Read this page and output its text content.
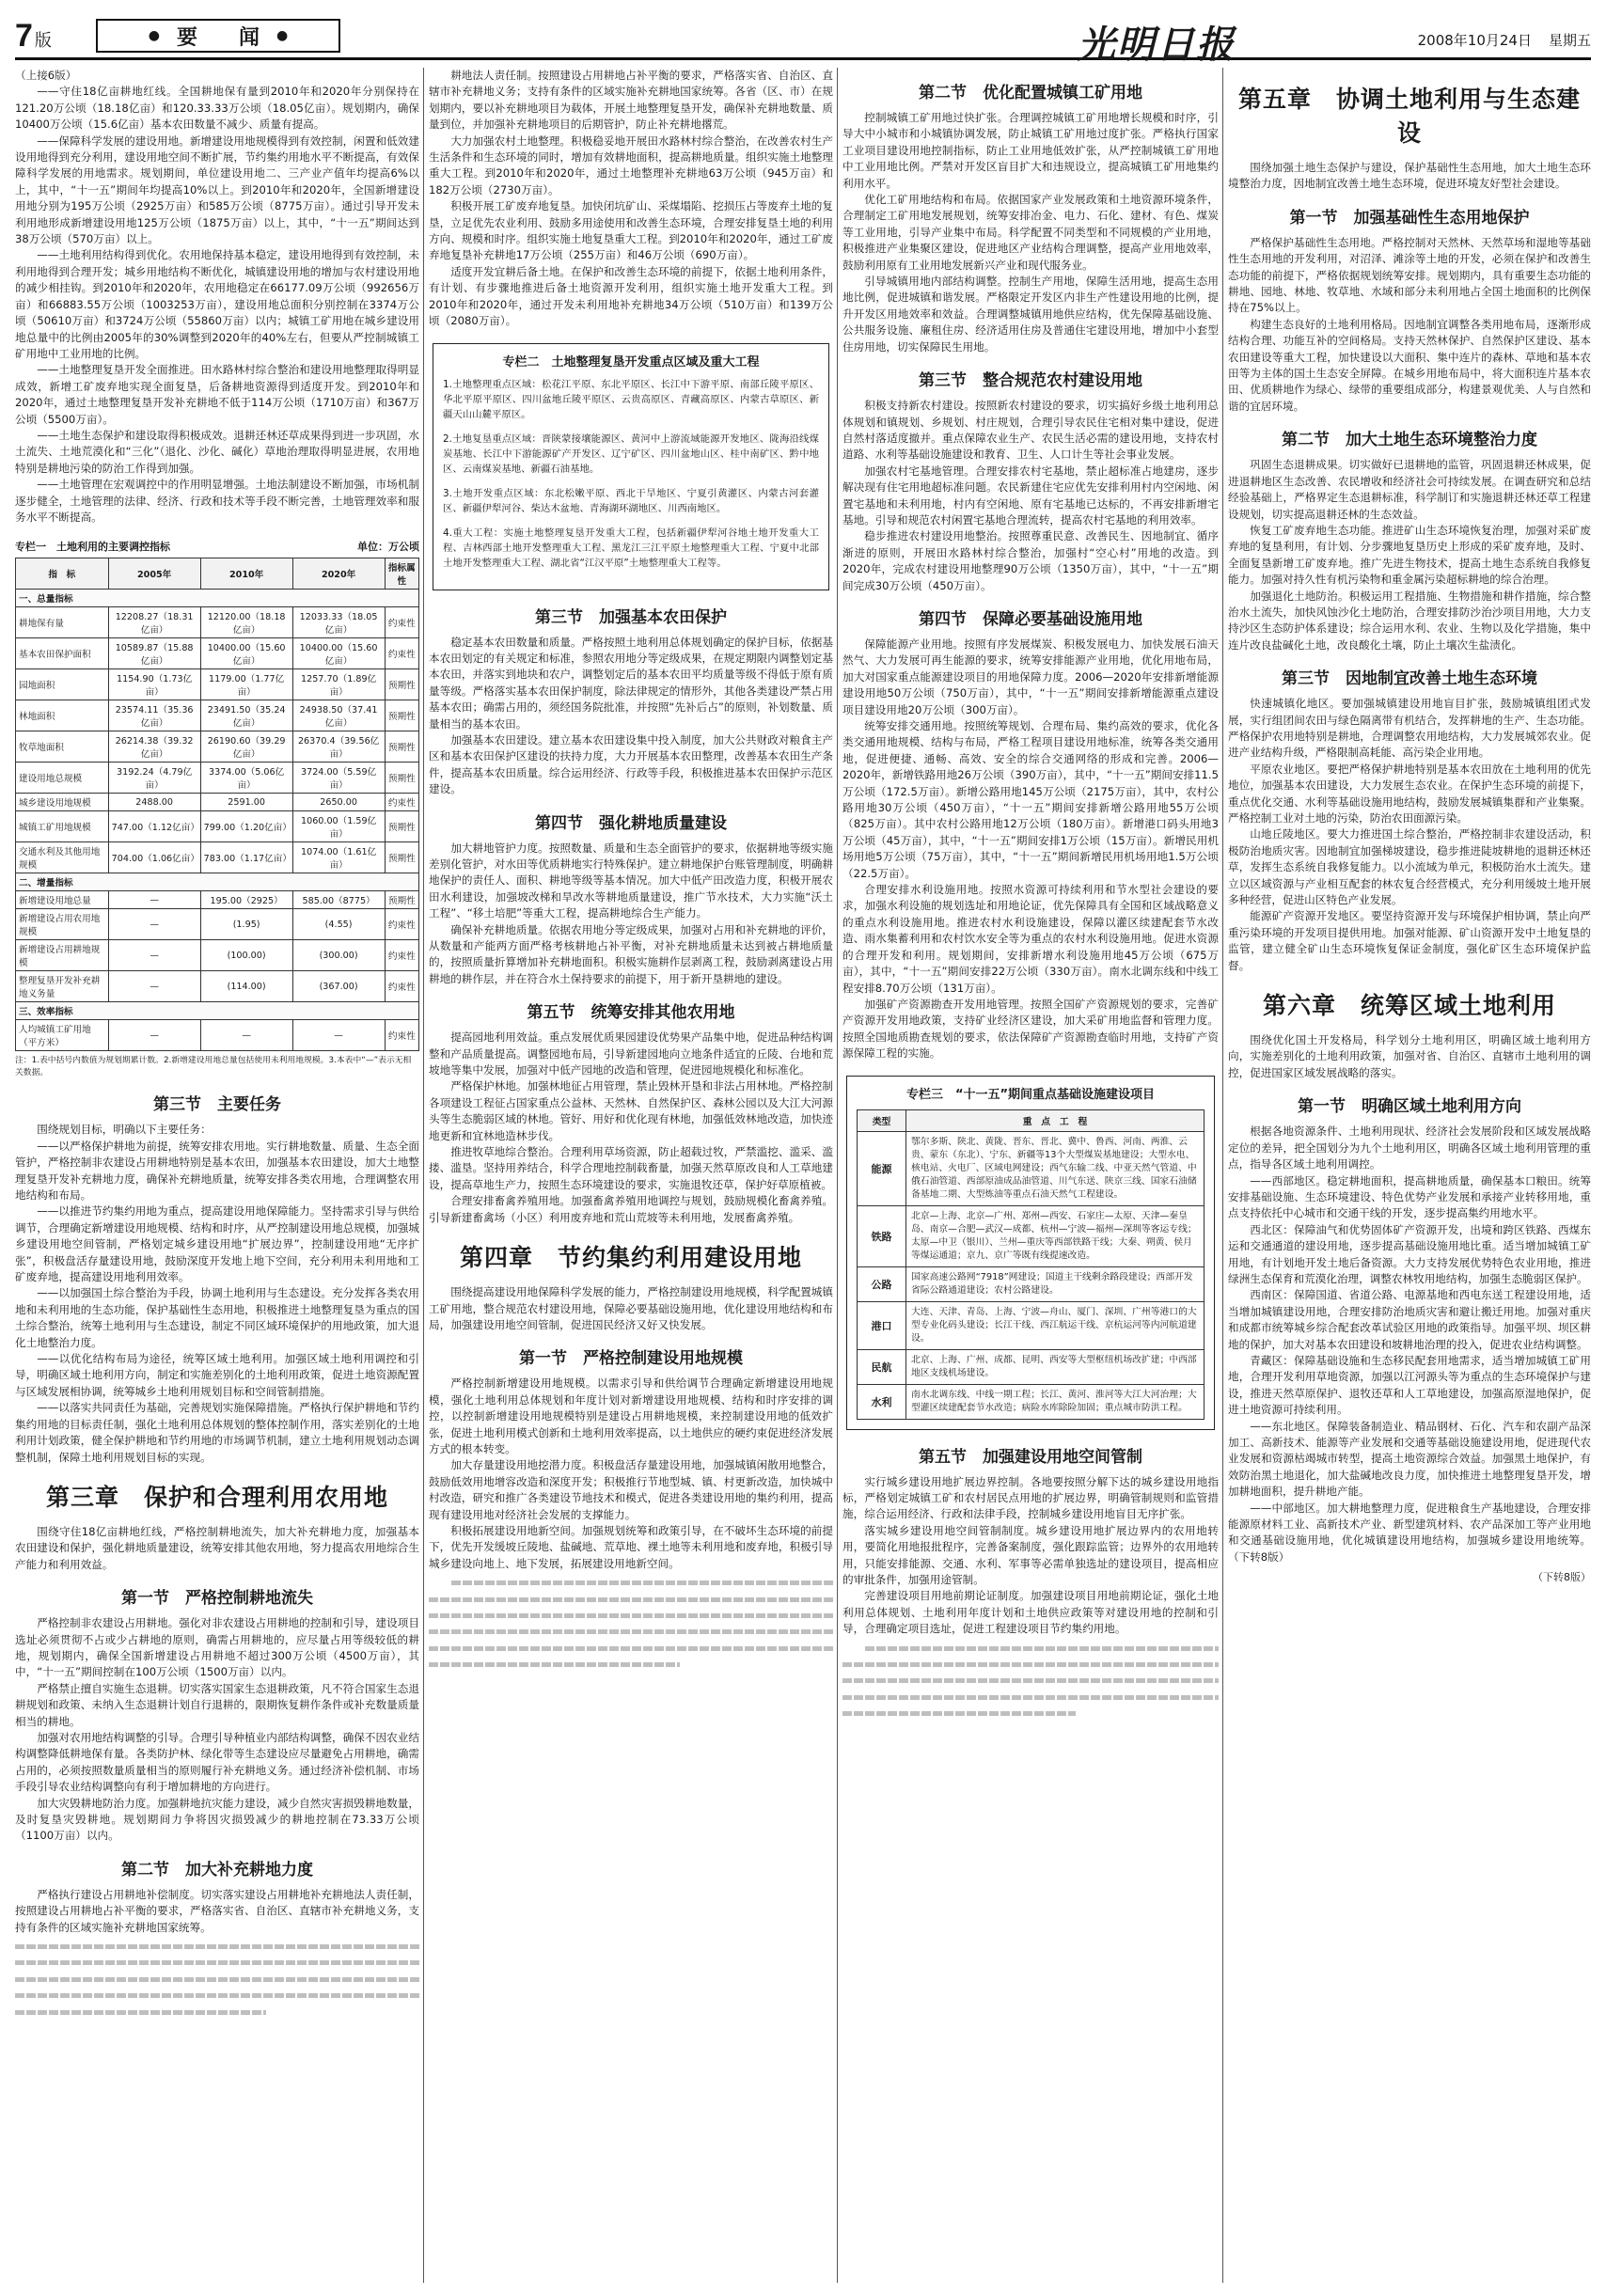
7 版	● 要　　闻 ●	光明日报	2008年10月24日 星期五

（上接6版）

——守住18亿亩耕地红线。全国耕地保有量到2010年和2020年分别保持在121.20万公顷（18.18亿亩）和120.33.33万公顷（18.05亿亩）。规划期内，确保10400万公顷（15.6亿亩）基本农田数量不减少、质量有提高。

——保障科学发展的建设用地。新增建设用地规模得到有效控制，闲置和低效建设用地得到充分利用，建设用地空间不断扩展，节约集约用地水平不断提高，有效保障科学发展的用地需求。规划期间，单位建设用地二、三产业产值年均提高6%以上，其中，“十一五”期间年均提高10%以上。到2010年和2020年，全国新增建设用地分别为195万公顷（2925万亩）和585万公顷（8775万亩）。通过引导开发未利用地形成新增建设用地125万公顷（1875万亩）以上，其中，“十一五”期间达到38万公顷（570万亩）以上。

——土地利用结构得到优化。农用地保持基本稳定，建设用地得到有效控制，未利用地得到合理开发；城乡用地结构不断优化，城镇建设用地的增加与农村建设用地的减少相挂钩。到2010年和2020年，农用地稳定在66177.09万公顷（992656万亩）和66883.55万公顷（1003253万亩），建设用地总面积分别控制在3374万公顷（50610万亩）和3724万公顷（55860万亩）以内；城镇工矿用地在城乡建设用地总量中的比例由2005年的30%调整到2020年的40%左右，但要从严控制城镇工矿用地中工业用地的比例。

——土地整理复垦开发全面推进。田水路林村综合整治和建设用地整理取得明显成效，新增工矿废弃地实现全面复垦，后备耕地资源得到适度开发。到2010年和2020年，通过土地整理复垦开发补充耕地不低于114万公顷（1710万亩）和367万公顷（5500万亩）。

——土地生态保护和建设取得积极成效。退耕还林还草成果得到进一步巩固，水土流失、土地荒漠化和“三化”（退化、沙化、碱化）草地治理取得明显进展，农用地特别是耕地污染的防治工作得到加强。

——土地管理在宏观调控中的作用明显增强。土地法制建设不断加强，市场机制逐步健全，土地管理的法律、经济、行政和技术等手段不断完善，土地管理效率和服务水平不断提高。

专栏一　土地利用的主要调控指标	单位：万公顷
指　标	2005年	2010年	2020年	指标属性
一、总量指标				
耕地保有量	12208.27（18.31亿亩）	12120.00（18.18亿亩）	12033.33（18.05亿亩）	约束性
基本农田保护面积	10589.87（15.88亿亩）	10400.00（15.60亿亩）	10400.00（15.60亿亩）	约束性
园地面积	1154.90（1.73亿亩）	1179.00（1.77亿亩）	1257.70（1.89亿亩）	预期性
林地面积	23574.11（35.36亿亩）	23491.50（35.24亿亩）	24938.50（37.41亿亩）	预期性
牧草地面积	26214.38（39.32亿亩）	26190.60（39.29亿亩）	26370.4（39.56亿亩）	预期性
建设用地总规模	3192.24（4.79亿亩）	3374.00（5.06亿亩）	3724.00（5.59亿亩）	预期性
城乡建设用地规模	2488.00	2591.00	2650.00	约束性
城镇工矿用地规模	747.00（1.12亿亩）	799.00（1.20亿亩）	1060.00（1.59亿亩）	预期性
交通水利及其他用地规模	704.00（1.06亿亩）	783.00（1.17亿亩）	1074.00（1.61亿亩）	预期性
二、增量指标				
新增建设用地总量	—	195.00（2925）	585.00（8775）	预期性
新增建设占用农用地规模	—	(1.95)	(4.55)	约束性
新增建设占用耕地规模	—	(100.00)	(300.00)	约束性
整理复垦开发补充耕地义务量	—	(114.00)	(367.00)	约束性
三、效率指标				
人均城镇工矿用地（平方米）	—	—	—	约束性
注：1.表中括号内数值为规划期累计数。2.新增建设用地总量包括使用未利用地规模。3.本表中“—”表示无相关数据。
第三节　主要任务

围绕规划目标，明确以下主要任务：

——以严格保护耕地为前提，统筹安排农用地。实行耕地数量、质量、生态全面管护，严格控制非农建设占用耕地特别是基本农田，加强基本农田建设，加大土地整理复垦开发补充耕地力度，确保补充耕地质量，统筹安排各类农用地，合理调整农用地结构和布局。

——以推进节约集约用地为重点，提高建设用地保障能力。坚持需求引导与供给调节，合理确定新增建设用地规模、结构和时序，从严控制建设用地总规模，加强城乡建设用地空间管制，严格划定城乡建设用地“扩展边界”，控制建设用地“无序扩张”，积极盘活存量建设用地，鼓励深度开发地上地下空间，充分利用未利用地和工矿废弃地，提高建设用地利用效率。

——以加强国土综合整治为手段，协调土地利用与生态建设。充分发挥各类农用地和未利用地的生态功能，保护基础性生态用地，积极推进土地整理复垦为重点的国土综合整治，统筹土地利用与生态建设，制定不同区域环境保护的用地政策，加大退化土地整治力度。

——以优化结构布局为途径，统筹区域土地利用。加强区域土地利用调控和引导，明确区域土地利用方向，制定和实施差别化的土地利用政策，促进土地资源配置与区域发展相协调，统筹城乡土地利用规划目标和空间管制措施。

——以落实共同责任为基础，完善规划实施保障措施。严格执行保护耕地和节约集约用地的目标责任制，强化土地利用总体规划的整体控制作用，落实差别化的土地利用计划政策，健全保护耕地和节约用地的市场调节机制，建立土地利用规划动态调整机制，保障土地利用规划目标的实现。

第三章　保护和合理利用农用地

围绕守住18亿亩耕地红线，严格控制耕地流失，加大补充耕地力度，加强基本农田建设和保护，强化耕地质量建设，统筹安排其他农用地，努力提高农用地综合生产能力和利用效益。

第一节　严格控制耕地流失

严格控制非农建设占用耕地。强化对非农建设占用耕地的控制和引导，建设项目选址必须贯彻不占或少占耕地的原则，确需占用耕地的，应尽量占用等级较低的耕地，规划期内，确保全国新增建设占用耕地不超过300万公顷（4500万亩），其中，“十一五”期间控制在100万公顷（1500万亩）以内。

严格禁止擅自实施生态退耕。切实落实国家生态退耕政策，凡不符合国家生态退耕规划和政策、未纳入生态退耕计划自行退耕的，限期恢复耕作条件或补充数量质量相当的耕地。

加强对农用地结构调整的引导。合理引导种植业内部结构调整，确保不因农业结构调整降低耕地保有量。各类防护林、绿化带等生态建设应尽量避免占用耕地，确需占用的，必须按照数量质量相当的原则履行补充耕地义务。通过经济补偿机制、市场手段引导农业结构调整向有利于增加耕地的方向进行。

加大灾毁耕地防治力度。加强耕地抗灾能力建设，减少自然灾害损毁耕地数量，及时复垦灾毁耕地。规划期间力争将因灾损毁减少的耕地控制在73.33万公顷（1100万亩）以内。

第二节　加大补充耕地力度

严格执行建设占用耕地补偿制度。切实落实建设占用耕地补充耕地法人责任制，按照建设占用耕地占补平衡的要求，严格落实省、自治区、直辖市补充耕地义务，支持有条件的区域实施补充耕地国家统筹。

耕地法人责任制。按照建设占用耕地占补平衡的要求，严格落实省、自治区、直辖市补充耕地义务；支持有条件的区域实施补充耕地国家统筹。各省（区、市）在规划期内，要以补充耕地项目为载体，开展土地整理复垦开发，确保补充耕地数量、质量到位，并加强补充耕地项目的后期管护，防止补充耕地撂荒。

大力加强农村土地整理。积极稳妥地开展田水路林村综合整治，在改善农村生产生活条件和生态环境的同时，增加有效耕地面积，提高耕地质量。组织实施土地整理重大工程。到2010年和2020年，通过土地整理补充耕地63万公顷（945万亩）和182万公顷（2730万亩）。

积极开展工矿废弃地复垦。加快闭坑矿山、采煤塌陷、挖损压占等废弃土地的复垦，立足优先农业利用、鼓励多用途使用和改善生态环境，合理安排复垦土地的利用方向、规模和时序。组织实施土地复垦重大工程。到2010年和2020年，通过工矿废弃地复垦补充耕地17万公顷（255万亩）和46万公顷（690万亩）。

适度开发宜耕后备土地。在保护和改善生态环境的前提下，依据土地利用条件，有计划、有步骤地推进后备土地资源开发利用，组织实施土地开发重大工程。到2010年和2020年，通过开发未利用地补充耕地34万公顷（510万亩）和139万公顷（2080万亩）。

专栏二　土地整理复垦开发重点区域及重大工程
1.土地整理重点区域：松花江平原、东北平原区、长江中下游平原、南部丘陵平原区、华北平原平原区、四川盆地丘陵平原区、云贵高原区、青藏高原区、内蒙古草原区、新疆天山山麓平原区。
2.土地复垦重点区域：晋陕蒙接壤能源区、黄河中上游流域能源开发地区、陇海沿线煤炭基地、长江中下游能源矿产开发区、辽宁矿区、四川盆地山区、桂中南矿区、黔中地区、云南煤炭基地、新疆石油基地。
3.土地开发重点区域：东北松嫩平原、西北干旱地区、宁夏引黄灌区、内蒙古河套灌区、新疆伊犁河谷、柴达木盆地、青海湖环湖地区、川西南地区。
4.重大工程：实施土地整理复垦开发重大工程，包括新疆伊犁河谷地土地开发重大工程、吉林西部土地开发整理重大工程、黑龙江三江平原土地整理重大工程、宁夏中北部土地开发整理重大工程、湖北省“江汉平原”土地整理重大工程等。
第三节　加强基本农田保护

稳定基本农田数量和质量。严格按照土地利用总体规划确定的保护目标，依据基本农田划定的有关规定和标准，参照农用地分等定级成果，在规定期限内调整划定基本农田，并落实到地块和农户，调整划定后的基本农田平均质量等级不得低于原有质量等级。严格落实基本农田保护制度，除法律规定的情形外，其他各类建设严禁占用基本农田；确需占用的，须经国务院批准，并按照“先补后占”的原则，补划数量、质量相当的基本农田。

加强基本农田建设。建立基本农田建设集中投入制度，加大公共财政对粮食主产区和基本农田保护区建设的扶持力度，大力开展基本农田整理，改善基本农田生产条件，提高基本农田质量。综合运用经济、行政等手段，积极推进基本农田保护示范区建设。

第四节　强化耕地质量建设

加大耕地管护力度。按照数量、质量和生态全面管护的要求，依据耕地等级实施差别化管护，对水田等优质耕地实行特殊保护。建立耕地保护台账管理制度，明确耕地保护的责任人、面积、耕地等级等基本情况。加大中低产田改造力度，积极开展农田水利建设，加强坡改梯和旱改水等耕地质量建设，推广节水技术，大力实施“沃土工程”、“移土培肥”等重大工程，提高耕地综合生产能力。

确保补充耕地质量。依据农用地分等定级成果，加强对占用和补充耕地的评价，从数量和产能两方面严格考核耕地占补平衡，对补充耕地质量未达到被占耕地质量的，按照质量折算增加补充耕地面积。积极实施耕作层剥离工程，鼓励剥离建设占用耕地的耕作层，并在符合水土保持要求的前提下，用于新开垦耕地的建设。

第五节　统筹安排其他农用地

提高园地利用效益。重点发展优质果园建设优势果产品集中地，促进品种结构调整和产品质量提高。调整园地布局，引导新建园地向立地条件适宜的丘陵、台地和荒坡地等集中发展，加强对中低产园地的改造和管理，促进园地规模化和标准化。

严格保护林地。加强林地征占用管理，禁止毁林开垦和非法占用林地。严格控制各项建设工程征占国家重点公益林、天然林、自然保护区、森林公园以及大江大河源头等生态脆弱区域的林地。管好、用好和优化现有林地，加强低效林地改造，加快迹地更新和宜林地造林步伐。

推进牧草地综合整治。合理利用草场资源，防止超载过牧，严禁滥挖、滥采、滥搂、滥垦。坚持用养结合，科学合理地控制载畜量，加强天然草原改良和人工草地建设，提高草地生产力，按照生态环境建设的要求，实施退牧还草，保护好草原植被。

合理安排畜禽养殖用地。加强畜禽养殖用地调控与规划，鼓励规模化畜禽养殖。引导新建畜禽场（小区）利用废弃地和荒山荒坡等未利用地，发展畜禽养殖。

第四章　节约集约利用建设用地

围绕提高建设用地保障科学发展的能力，严格控制建设用地规模，科学配置城镇工矿用地，整合规范农村建设用地，保障必要基础设施用地，优化建设用地结构和布局，加强建设用地空间管制，促进国民经济又好又快发展。

第一节　严格控制建设用地规模

严格控制新增建设用地规模。以需求引导和供给调节合理确定新增建设用地规模，强化土地利用总体规划和年度计划对新增建设用地规模、结构和时序安排的调控，以控制新增建设用地规模特别是建设占用耕地规模，来控制建设用地的低效扩张，促进土地利用模式创新和土地利用效率提高，以土地供应的硬约束促进经济发展方式的根本转变。

加大存量建设用地挖潜力度。积极盘活存量建设用地，加强城镇闲散用地整合，鼓励低效用地增容改造和深度开发；积极推行节地型城、镇、村更新改造，加快城中村改造，研究和推广各类建设节地技术和模式，促进各类建设用地的集约利用，提高现有建设用地对经济社会发展的支撑能力。

积极拓展建设用地新空间。加强规划统筹和政策引导，在不破坏生态环境的前提下，优先开发缓坡丘陵地、盐碱地、荒草地、裸土地等未利用地和废弃地，积极引导城乡建设向地上、地下发展，拓展建设用地新空间。

第二节　优化配置城镇工矿用地

控制城镇工矿用地过快扩张。合理调控城镇工矿用地增长规模和时序，引导大中小城市和小城镇协调发展，防止城镇工矿用地过度扩张。严格执行国家工业项目建设用地控制指标，防止工业用地低效扩张，从严控制城镇工矿用地中工业用地比例。严禁对开发区盲目扩大和违规设立，提高城镇工矿用地集约利用水平。

优化工矿用地结构和布局。依据国家产业发展政策和土地资源环境条件，合理制定工矿用地发展规划，统筹安排冶金、电力、石化、建材、有色、煤炭等工业用地，引导产业集中布局。科学配置不同类型和不同规模的产业用地，积极推进产业集聚区建设，促进地区产业结构合理调整，提高产业用地效率，鼓励利用原有工业用地发展新兴产业和现代服务业。

引导城镇用地内部结构调整。控制生产用地，保障生活用地，提高生态用地比例，促进城镇和谐发展。严格限定开发区内非生产性建设用地的比例，提升开发区用地效率和效益。合理调整城镇用地供应结构，优先保障基础设施、公共服务设施、廉租住房、经济适用住房及普通住宅建设用地，增加中小套型住房用地，切实保障民生用地。

第三节　整合规范农村建设用地

积极支持新农村建设。按照新农村建设的要求，切实搞好乡级土地利用总体规划和镇规划、乡规划、村庄规划，合理引导农民住宅相对集中建设，促进自然村落适度撤并。重点保障农业生产、农民生活必需的建设用地，支持农村道路、水利等基础设施建设和教育、卫生、人口计生等社会事业发展。

加强农村宅基地管理。合理安排农村宅基地，禁止超标准占地建房，逐步解决现有住宅用地超标准问题。农民新建住宅应优先安排利用村内空闲地、闲置宅基地和未利用地，村内有空闲地、原有宅基地已达标的，不再安排新增宅基地。引导和规范农村闲置宅基地合理流转，提高农村宅基地的利用效率。

稳步推进农村建设用地整治。按照尊重民意、改善民生、因地制宜、循序渐进的原则，开展田水路林村综合整治，加强村“空心村”用地的改造。到2020年，完成农村建设用地整理90万公顷（1350万亩），其中，“十一五”期间完成30万公顷（450万亩）。

第四节　保障必要基础设施用地

保障能源产业用地。按照有序发展煤炭、积极发展电力、加快发展石油天然气、大力发展可再生能源的要求，统筹安排能源产业用地，优化用地布局，加大对国家重点能源建设项目的用地保障力度。2006—2020年安排新增能源建设用地50万公顷（750万亩），其中，“十一五”期间安排新增能源重点建设项目建设用地20万公顷（300万亩）。

统筹安排交通用地。按照统筹规划、合理布局、集约高效的要求，优化各类交通用地规模、结构与布局，严格工程项目建设用地标准，统筹各类交通用地，促进便捷、通畅、高效、安全的综合交通网络的形成和完善。2006—2020年，新增铁路用地26万公顷（390万亩），其中，“十一五”期间安排11.5万公顷（172.5万亩）。新增公路用地145万公顷（2175万亩），其中，农村公路用地30万公顷（450万亩），“十一五”期间安排新增公路用地55万公顷（825万亩）。其中农村公路用地12万公顷（180万亩）。新增港口码头用地3万公顷（45万亩），其中，“十一五”期间安排1万公顷（15万亩）。新增民用机场用地5万公顷（75万亩），其中，“十一五”期间新增民用机场用地1.5万公顷（22.5万亩）。

合理安排水利设施用地。按照水资源可持续利用和节水型社会建设的要求，加强水利设施的规划选址和用地论证，优先保障具有全国和区域战略意义的重点水利设施用地。推进农村水利设施建设，保障以灌区续建配套节水改造、雨水集蓄利用和农村饮水安全等为重点的农村水利设施用地。促进水资源的合理开发和利用。规划期间，安排新增水利设施用地45万公顷（675万亩），其中，“十一五”期间安排22万公顷（330万亩）。南水北调东线和中线工程安排8.70万公顷（131万亩）。

加强矿产资源勘查开发用地管理。按照全国矿产资源规划的要求，完善矿产资源开发用地政策，支持矿业经济区建设，加大采矿用地监督和管理力度。按照全国地质勘查规划的要求，依法保障矿产资源勘查临时用地，支持矿产资源保障工程的实施。

专栏三　“十一五”期间重点基础设施建设项目
类型	重　点　工　程
能源	鄂尔多斯、陕北、黄陇、晋东、晋北、冀中、鲁西、河南、两淮、云贵、蒙东（东北）、宁东、新疆等13个大型煤炭基地建设；大型水电、核电站、火电厂、区域电网建设；西气东输二线、中亚天然气管道、中俄石油管道、西部原油成品油管道、川气东送、陕京三线、国家石油储备基地二期、大型炼油等重点石油天然气工程建设。
铁路	北京—上海、北京—广州、郑州—西安、石家庄—太原、天津—秦皇岛、南京—合肥—武汉—成都、杭州—宁波—福州—深圳等客运专线；太原—中卫（银川）、兰州—重庆等西部铁路干线；大秦、朔黄、侯月等煤运通道；京九、京广等既有线提速改造。
公路	国家高速公路网“7918”网建设；国道主干线剩余路段建设；西部开发省际公路通道建设；农村公路建设。
港口	大连、天津、青岛、上海、宁波—舟山、厦门、深圳、广州等港口的大型专业化码头建设；长江干线、西江航运干线、京杭运河等内河航道建设。
民航	北京、上海、广州、成都、昆明、西安等大型枢纽机场改扩建；中西部地区支线机场建设。
水利	南水北调东线、中线一期工程；长江、黄河、淮河等大江大河治理；大型灌区续建配套节水改造；病险水库除险加固；重点城市防洪工程。
第五节　加强建设用地空间管制

实行城乡建设用地扩展边界控制。各地要按照分解下达的城乡建设用地指标，严格划定城镇工矿和农村居民点用地的扩展边界，明确管制规则和监管措施，综合运用经济、行政和法律手段，控制城乡建设用地盲目无序扩张。

落实城乡建设用地空间管制制度。城乡建设用地扩展边界内的农用地转用，要简化用地报批程序，完善备案制度，强化跟踪监管；边界外的农用地转用，只能安排能源、交通、水利、军事等必需单独选址的建设项目，提高相应的审批条件，加强用途管制。

完善建设项目用地前期论证制度。加强建设项目用地前期论证，强化土地利用总体规划、土地利用年度计划和土地供应政策等对建设用地的控制和引导，合理确定项目选址，促进工程建设项目节约集约用地。

第五章　协调土地利用与生态建设

围绕加强土地生态保护与建设，保护基础性生态用地，加大土地生态环境整治力度，因地制宜改善土地生态环境，促进环境友好型社会建设。

第一节　加强基础性生态用地保护

严格保护基础性生态用地。严格控制对天然林、天然草场和湿地等基础性生态用地的开发利用，对沼泽、滩涂等土地的开发，必须在保护和改善生态功能的前提下，严格依据规划统筹安排。规划期内，具有重要生态功能的耕地、园地、林地、牧草地、水域和部分未利用地占全国土地面积的比例保持在75%以上。

构建生态良好的土地利用格局。因地制宜调整各类用地布局，逐渐形成结构合理、功能互补的空间格局。支持天然林保护、自然保护区建设、基本农田建设等重大工程，加快建设以大面积、集中连片的森林、草地和基本农田等为主体的国土生态安全屏障。在城乡用地布局中，将大面积连片基本农田、优质耕地作为绿心、绿带的重要组成部分，构建景观优美、人与自然和谐的宜居环境。

第二节　加大土地生态环境整治力度

巩固生态退耕成果。切实做好已退耕地的监管，巩固退耕还林成果，促进退耕地区生态改善、农民增收和经济社会可持续发展。在调查研究和总结经验基础上，严格界定生态退耕标准，科学制订和实施退耕还林还草工程建设规划，切实提高退耕还林的生态效益。

恢复工矿废弃地生态功能。推进矿山生态环境恢复治理，加强对采矿废弃地的复垦利用，有计划、分步骤地复垦历史上形成的采矿废弃地，及时、全面复垦新增工矿废弃地。推广先进生物技术，提高土地生态系统自我修复能力。加强对持久性有机污染物和重金属污染超标耕地的综合治理。

加强退化土地防治。积极运用工程措施、生物措施和耕作措施，综合整治水土流失，加快风蚀沙化土地防治，合理安排防沙治沙项目用地，大力支持沙区生态防护体系建设；综合运用水利、农业、生物以及化学措施，集中连片改良盐碱化土地，改良酸化土壤，防止土壤次生盐渍化。

第三节　因地制宜改善土地生态环境

快速城镇化地区。要加强城镇建设用地盲目扩张，鼓励城镇组团式发展，实行组团间农田与绿色隔离带有机结合，发挥耕地的生产、生态功能。严格保护农用地特别是耕地，合理调整农用地结构，大力发展城郊农业。促进产业结构升级，严格限制高耗能、高污染企业用地。

平原农业地区。要把严格保护耕地特别是基本农田放在土地利用的优先地位，加强基本农田建设，大力发展生态农业。在保护生态环境的前提下，重点优化交通、水利等基础设施用地结构，鼓励发展城镇集群和产业集聚。严格控制工业对土地的污染，防治农田面源污染。

山地丘陵地区。要大力推进国土综合整治，严格控制非农建设活动，积极防治地质灾害。因地制宜加强梯坡建设，稳步推进陡坡耕地的退耕还林还草，发挥生态系统自我修复能力。以小流域为单元，积极防治水土流失。建立以区域资源与产业相互配套的林农复合经营模式，充分利用缓坡土地开展多种经营，促进山区特色产业发展。

能源矿产资源开发地区。要坚持资源开发与环境保护相协调，禁止向严重污染环境的开发项目提供用地。加强对能源、矿山资源开发中土地复垦的监管，建立健全矿山生态环境恢复保证金制度，强化矿区生态环境保护监督。

第六章　统筹区域土地利用

围绕优化国土开发格局，科学划分土地利用区，明确区域土地利用方向，实施差别化的土地利用政策，加强对省、自治区、直辖市土地利用的调控，促进国家区域发展战略的落实。

第一节　明确区域土地利用方向

根据各地资源条件、土地利用现状、经济社会发展阶段和区域发展战略定位的差异，把全国划分为九个土地利用区，明确各区域土地利用管理的重点，指导各区域土地利用调控。

——西部地区。稳定耕地面积，提高耕地质量，确保基本口粮田。统筹安排基础设施、生态环境建设、特色优势产业发展和承接产业转移用地，重点支持依托中心城市和交通干线的开发，逐步提高集约用地水平。

西北区：保障油气和优势固体矿产资源开发，出境和跨区铁路、西煤东运和交通通道的建设用地，逐步提高基础设施用地比重。适当增加城镇工矿用地，有计划地开发土地后备资源。大力支持发展优势特色农业用地，推进绿洲生态保育和荒漠化治理，调整农林牧用地结构，加强生态脆弱区保护。

西南区：保障国道、省道公路、电源基地和西电东送工程建设用地，适当增加城镇建设用地，合理安排防治地质灾害和避让搬迁用地。加强对重庆和成都市统筹城乡综合配套改革试验区用地的政策指导。加强平坝、坝区耕地的保护，加大对基本农田建设和坡耕地治理的投入，促进农业结构调整。

青藏区：保障基础设施和生态移民配套用地需求，适当增加城镇工矿用地，合理开发利用草地资源，加强以江河源头等为重点的生态环境保护与建设，推进天然草原保护、退牧还草和人工草地建设，加强高原湿地保护，促进土地资源可持续利用。

——东北地区。保障装备制造业、精品钢材、石化、汽车和农副产品深加工、高新技术、能源等产业发展和交通等基础设施建设用地，促进现代农业发展和资源枯竭城市转型，提高土地资源综合效益。加强黑土地保护，有效防治黑土地退化，加大盐碱地改良力度，加快推进土地整理复垦开发，增加耕地面积，提升耕地产能。

——中部地区。加大耕地整理力度，促进粮食生产基地建设，合理安排能源原材料工业、高新技术产业、新型建筑材料、农产品深加工等产业用地和交通基础设施用地，优化城镇建设用地结构，加强城乡建设用地统筹。（下转8版）

（下转8版）
